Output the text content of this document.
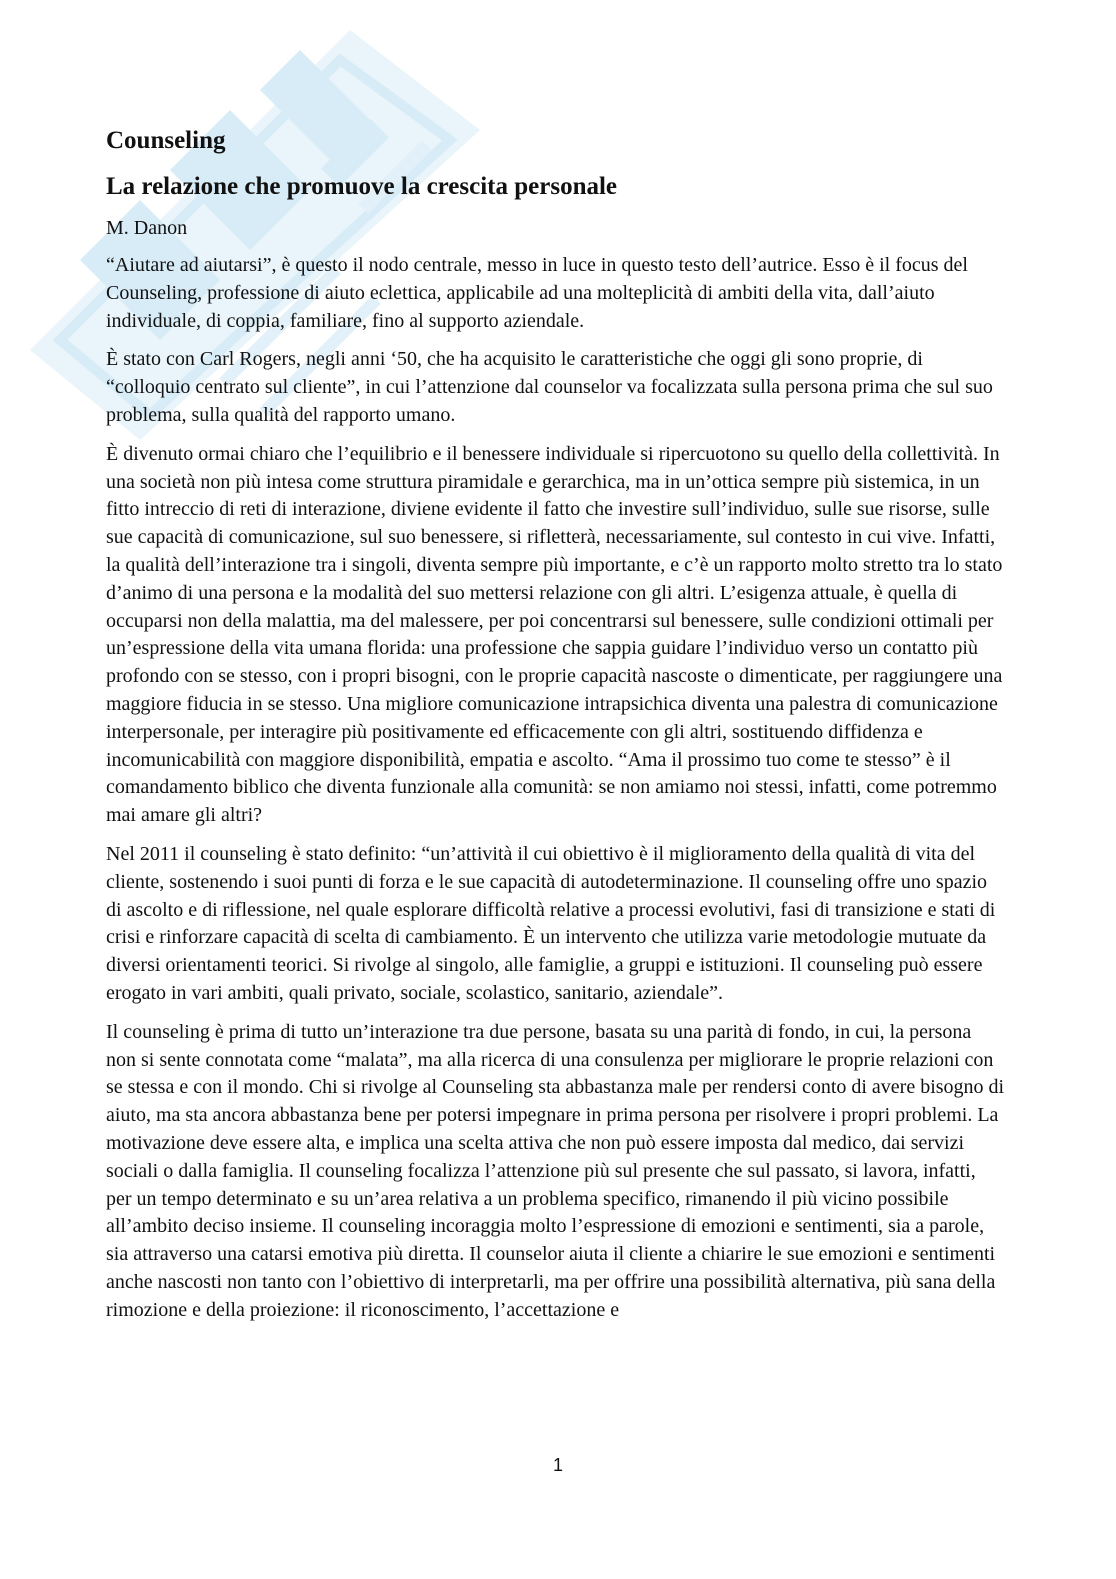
Counseling
La relazione che promuove la crescita personale
M. Danon

“Aiutare ad aiutarsi”, è questo il nodo centrale, messo in luce in questo testo dell’autrice. Esso è il focus del Counseling, professione di aiuto eclettica, applicabile ad una molteplicità di ambiti della vita, dall’aiuto individuale, di coppia, familiare, fino al supporto aziendale.

È stato con Carl Rogers, negli anni ‘50, che ha acquisito le caratteristiche che oggi gli sono proprie, di “colloquio centrato sul cliente”, in cui l’attenzione dal counselor va focalizzata sulla persona prima che sul suo problema, sulla qualità del rapporto umano.

È divenuto ormai chiaro che l’equilibrio e il benessere individuale si ripercuotono su quello della collettività. In una società non più intesa come struttura piramidale e gerarchica, ma in un’ottica sempre più sistemica, in un fitto intreccio di reti di interazione, diviene evidente il fatto che investire sull’individuo, sulle sue risorse, sulle sue capacità di comunicazione, sul suo benessere, si rifletterà, necessariamente, sul contesto in cui vive. Infatti, la qualità dell’interazione tra i singoli, diventa sempre più importante, e c’è un rapporto molto stretto tra lo stato d’animo di una persona e la modalità del suo mettersi relazione con gli altri. L’esigenza attuale, è quella di occuparsi non della malattia, ma del malessere, per poi concentrarsi sul benessere, sulle condizioni ottimali per un’espressione della vita umana florida: una professione che sappia guidare l’individuo verso un contatto più profondo con se stesso, con i propri bisogni, con le proprie capacità nascoste o dimenticate, per raggiungere una maggiore fiducia in se stesso. Una migliore comunicazione intrapsichica diventa una palestra di comunicazione interpersonale, per interagire più positivamente ed efficacemente con gli altri, sostituendo diffidenza e incomunicabilità con maggiore disponibilità, empatia e ascolto. “Ama il prossimo tuo come te stesso” è il comandamento biblico che diventa funzionale alla comunità: se non amiamo noi stessi, infatti, come potremmo mai amare gli altri?

Nel 2011 il counseling è stato definito: “un’attività il cui obiettivo è il miglioramento della qualità di vita del cliente, sostenendo i suoi punti di forza e le sue capacità di autodeterminazione. Il counseling offre uno spazio di ascolto e di riflessione, nel quale esplorare difficoltà relative a processi evolutivi, fasi di transizione e stati di crisi e rinforzare capacità di scelta di cambiamento. È un intervento che utilizza varie metodologie mutuate da diversi orientamenti teorici. Si rivolge al singolo, alle famiglie, a gruppi e istituzioni. Il counseling può essere erogato in vari ambiti, quali privato, sociale, scolastico, sanitario, aziendale”.

Il counseling è prima di tutto un’interazione tra due persone, basata su una parità di fondo, in cui, la persona non si sente connotata come “malata”, ma alla ricerca di una consulenza per migliorare le proprie relazioni con se stessa e con il mondo. Chi si rivolge al Counseling sta abbastanza male per rendersi conto di avere bisogno di aiuto, ma sta ancora abbastanza bene per potersi impegnare in prima persona per risolvere i propri problemi. La motivazione deve essere alta, e implica una scelta attiva che non può essere imposta dal medico, dai servizi sociali o dalla famiglia. Il counseling focalizza l’attenzione più sul presente che sul passato, si lavora, infatti, per un tempo determinato e su un’area relativa a un problema specifico, rimanendo il più vicino possibile all’ambito deciso insieme. Il counseling incoraggia molto l’espressione di emozioni e sentimenti, sia a parole, sia attraverso una catarsi emotiva più diretta. Il counselor aiuta il cliente a chiarire le sue emozioni e sentimenti anche nascosti non tanto con l’obiettivo di interpretarli, ma per offrire una possibilità alternativa, più sana della rimozione e della proiezione: il riconoscimento, l’accettazione e

1
